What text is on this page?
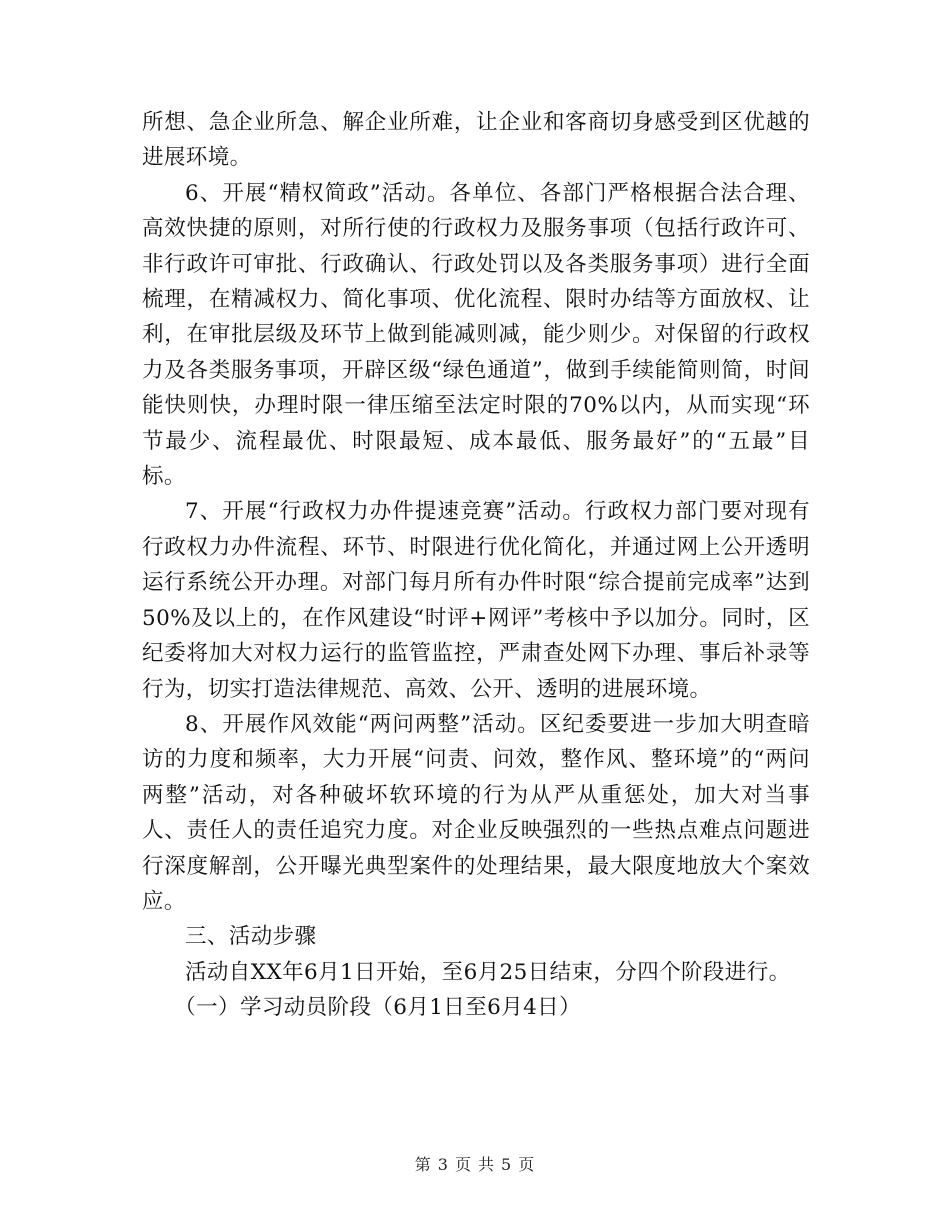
所想、急企业所急、解企业所难，让企业和客商切身感受到区优越的进展环境。

6、开展“精权简政”活动。各单位、各部门严格根据合法合理、高效快捷的原则，对所行使的行政权力及服务事项（包括行政许可、非行政许可审批、行政确认、行政处罚以及各类服务事项）进行全面梳理，在精减权力、简化事项、优化流程、限时办结等方面放权、让利，在审批层级及环节上做到能减则减，能少则少。对保留的行政权力及各类服务事项，开辟区级“绿色通道”，做到手续能简则简，时间能快则快，办理时限一律压缩至法定时限的70%以内，从而实现“环节最少、流程最优、时限最短、成本最低、服务最好”的“五最”目标。

7、开展“行政权力办件提速竞赛”活动。行政权力部门要对现有行政权力办件流程、环节、时限进行优化简化，并通过网上公开透明运行系统公开办理。对部门每月所有办件时限“综合提前完成率”达到50%及以上的，在作风建设“时评+网评”考核中予以加分。同时，区纪委将加大对权力运行的监管监控，严肃查处网下办理、事后补录等行为，切实打造法律规范、高效、公开、透明的进展环境。

8、开展作风效能“两问两整”活动。区纪委要进一步加大明查暗访的力度和频率，大力开展“问责、问效，整作风、整环境”的“两问两整”活动，对各种破坏软环境的行为从严从重惩处，加大对当事人、责任人的责任追究力度。对企业反映强烈的一些热点难点问题进行深度解剖，公开曝光典型案件的处理结果，最大限度地放大个案效应。

三、活动步骤

活动自XX年6月1日开始，至6月25日结束，分四个阶段进行。

（一）学习动员阶段（6月1日至6月4日）

第 3 页 共 5 页
